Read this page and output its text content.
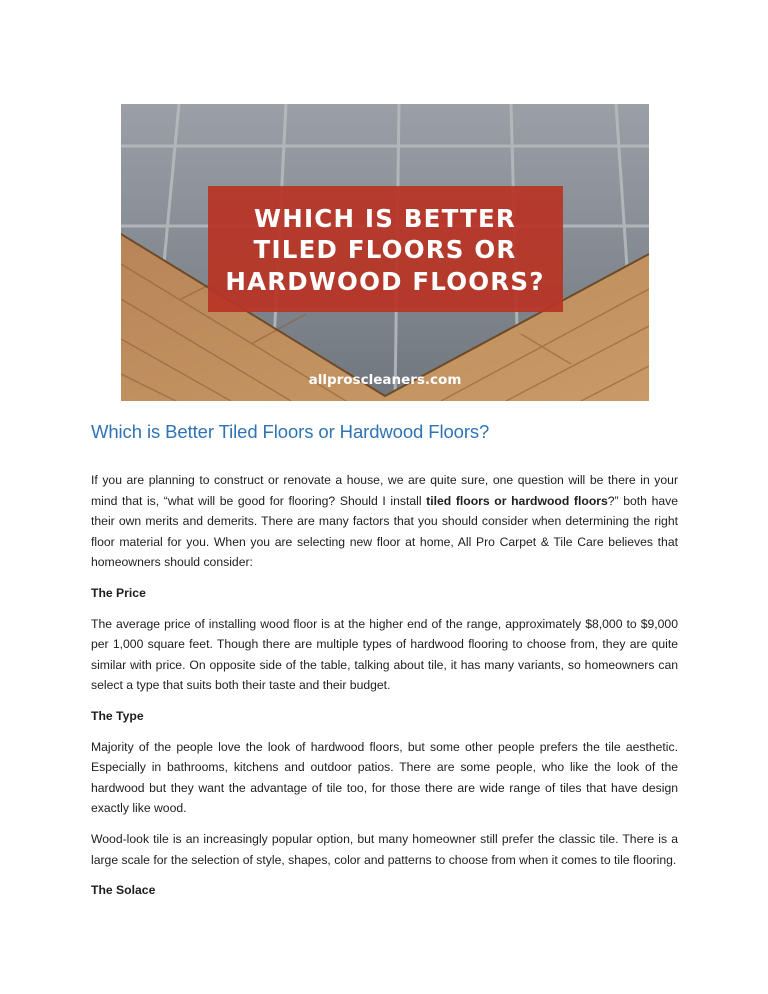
WHICH IS BETTER
TILED FLOORS OR
HARDWOOD FLOORS?
allproscleaners.com
Which is Better Tiled Floors or Hardwood Floors?

If you are planning to construct or renovate a house, we are quite sure, one question will be there in your mind that is, “what will be good for flooring? Should I install tiled floors or hardwood floors?” both have their own merits and demerits. There are many factors that you should consider when determining the right floor material for you. When you are selecting new floor at home, All Pro Carpet & Tile Care believes that homeowners should consider:

The Price

The average price of installing wood floor is at the higher end of the range, approximately $8,000 to $9,000 per 1,000 square feet. Though there are multiple types of hardwood flooring to choose from, they are quite similar with price. On opposite side of the table, talking about tile, it has many variants, so homeowners can select a type that suits both their taste and their budget.

The Type

Majority of the people love the look of hardwood floors, but some other people prefers the tile aesthetic. Especially in bathrooms, kitchens and outdoor patios. There are some people, who like the look of the hardwood but they want the advantage of tile too, for those there are wide range of tiles that have design exactly like wood.

Wood-look tile is an increasingly popular option, but many homeowner still prefer the classic tile. There is a large scale for the selection of style, shapes, color and patterns to choose from when it comes to tile flooring.

The Solace
